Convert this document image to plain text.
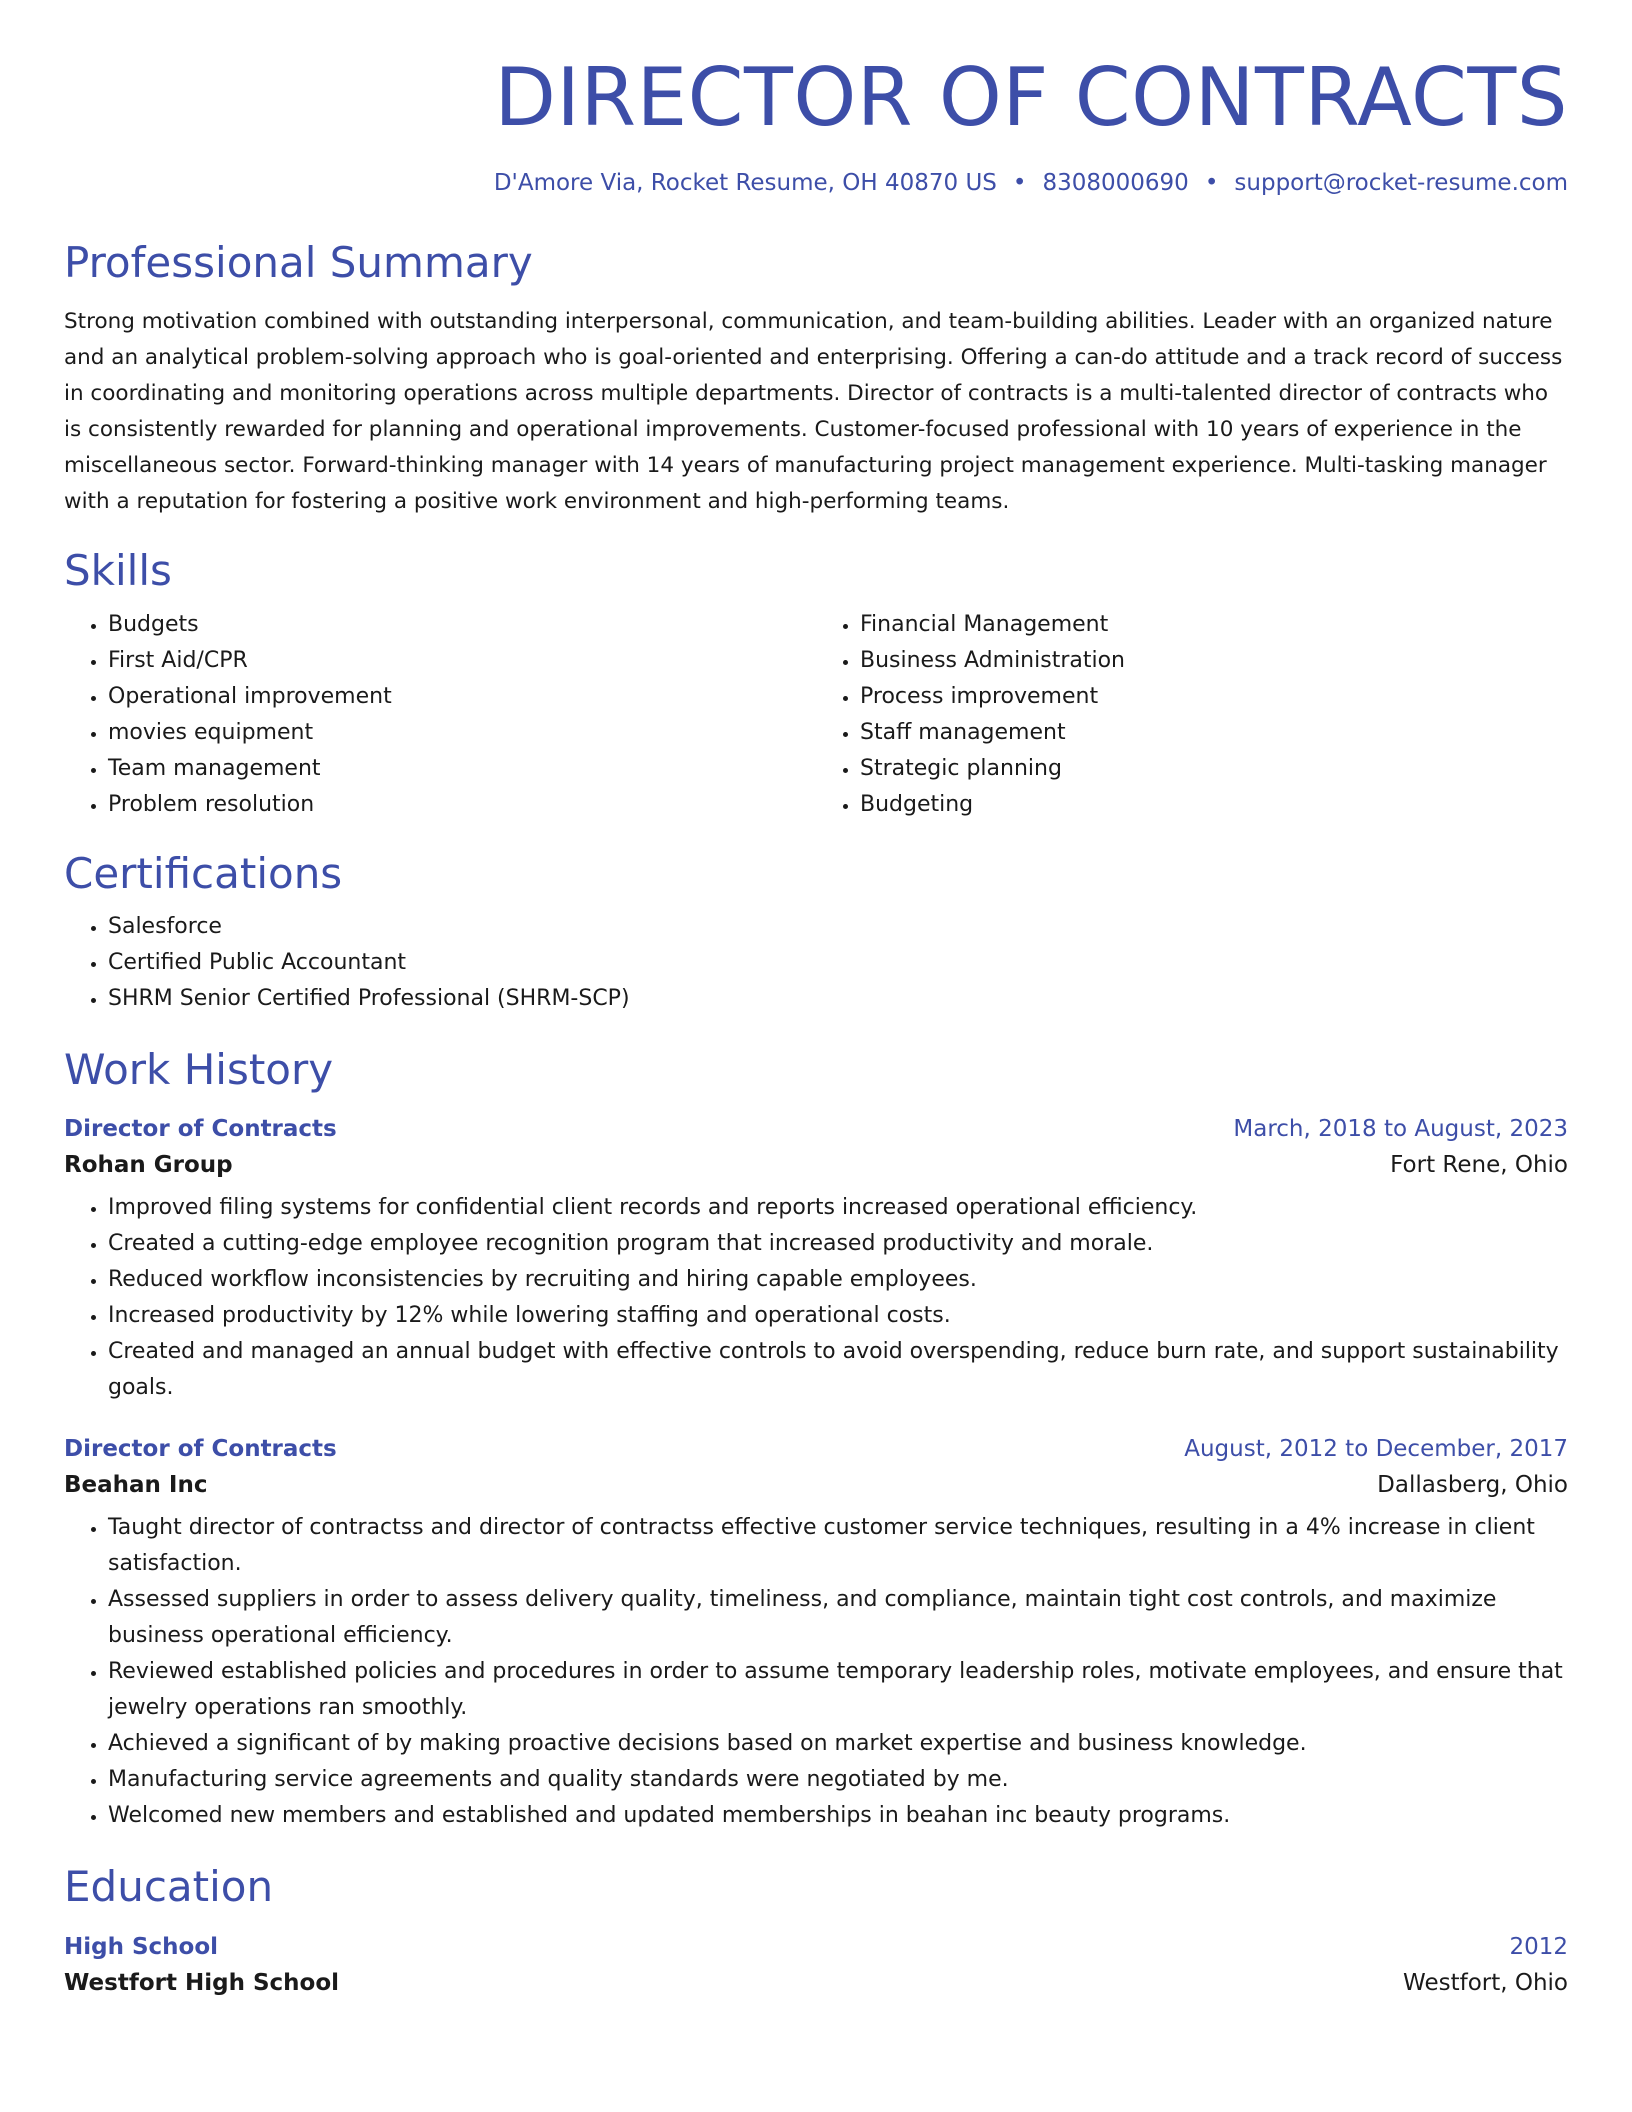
DIRECTOR OF CONTRACTS
D'Amore Via, Rocket Resume, OH 40870 US • 8308000690 • support@rocket-resume.com
Professional Summary

Strong motivation combined with outstanding interpersonal, communication, and team-building abilities. Leader with an organized nature and an analytical problem-solving approach who is goal-oriented and enterprising. Offering a can-do attitude and a track record of success in coordinating and monitoring operations across multiple departments. Director of contracts is a multi-talented director of contracts who is consistently rewarded for planning and operational improvements. Customer-focused professional with 10 years of experience in the miscellaneous sector. Forward-thinking manager with 14 years of manufacturing project management experience. Multi-tasking manager with a reputation for fostering a positive work environment and high-performing teams.

Skills
• Budgets
• First Aid/CPR
• Operational improvement
• movies equipment
• Team management
• Problem resolution
• Financial Management
• Business Administration
• Process improvement
• Staff management
• Strategic planning
• Budgeting
Certifications
• Salesforce
• Certified Public Accountant
• SHRM Senior Certified Professional (SHRM-SCP)
Work History
Director of Contracts	March, 2018 to August, 2023
Rohan Group	Fort Rene, Ohio
• Improved filing systems for confidential client records and reports increased operational efficiency.
• Created a cutting-edge employee recognition program that increased productivity and morale.
• Reduced workflow inconsistencies by recruiting and hiring capable employees.
• Increased productivity by 12% while lowering staffing and operational costs.
• Created and managed an annual budget with effective controls to avoid overspending, reduce burn rate, and support sustainability goals.
Director of Contracts	August, 2012 to December, 2017
Beahan Inc	Dallasberg, Ohio
• Taught director of contractss and director of contractss effective customer service techniques, resulting in a 4% increase in client satisfaction.
• Assessed suppliers in order to assess delivery quality, timeliness, and compliance, maintain tight cost controls, and maximize business operational efficiency.
• Reviewed established policies and procedures in order to assume temporary leadership roles, motivate employees, and ensure that jewelry operations ran smoothly.
• Achieved a significant of by making proactive decisions based on market expertise and business knowledge.
• Manufacturing service agreements and quality standards were negotiated by me.
• Welcomed new members and established and updated memberships in beahan inc beauty programs.
Education
High School	2012
Westfort High School	Westfort, Ohio
